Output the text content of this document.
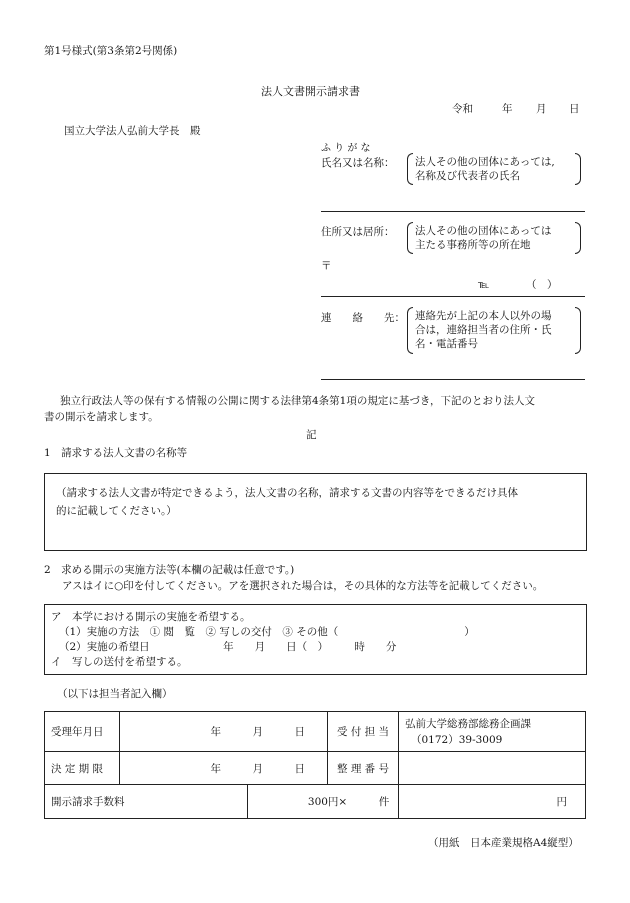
第1号様式(第3条第2号関係)
法人文書開示請求書
令和	年 月 日
国立大学法人弘前大学長　殿
ふ り が な
氏名又は名称： 法人その他の団体にあっては,
名称及び代表者の氏名
住所又は居所： 法人その他の団体にあっては
主たる事務所等の所在地
〒
℡　　　　（　）
連　　絡　　先： 連絡先が上記の本人以外の場
合は，連絡担当者の住所・氏
名・電話番号
独立行政法人等の保有する情報の公開に関する法律第4条第1項の規定に基づき，下記のとおり法人文
書の開示を請求します。
記
1　請求する法人文書の名称等
（請求する法人文書が特定できるよう，法人文書の名称，請求する文書の内容等をできるだけ具体
的に記載してください。）
2　求める開示の実施方法等(本欄の記載は任意です。)
アスはイに○印を付してください。アを選択された場合は，その具体的な方法等を記載してください。
ア　本学における開示の実施を希望する。
（1）実施の方法　① 閲　覧　② 写しの交付　③ その他（　　　　　　　　　　　　）
（2）実施の希望日　　　　　　　年　　月　　日（　）　　　時　　分
イ　写しの送付を希望する。
（以下は担当者記入欄）
受理年月日	年　　　月　　　日		受 付 担 当	弘前大学総務部総務企画課
（0172）39-3009

決 定 期 限	年　　　月　　　日		整 理 番 号	
開示請求手数料		300円×　　　件		円
（用紙　日本産業規格A4縦型）
